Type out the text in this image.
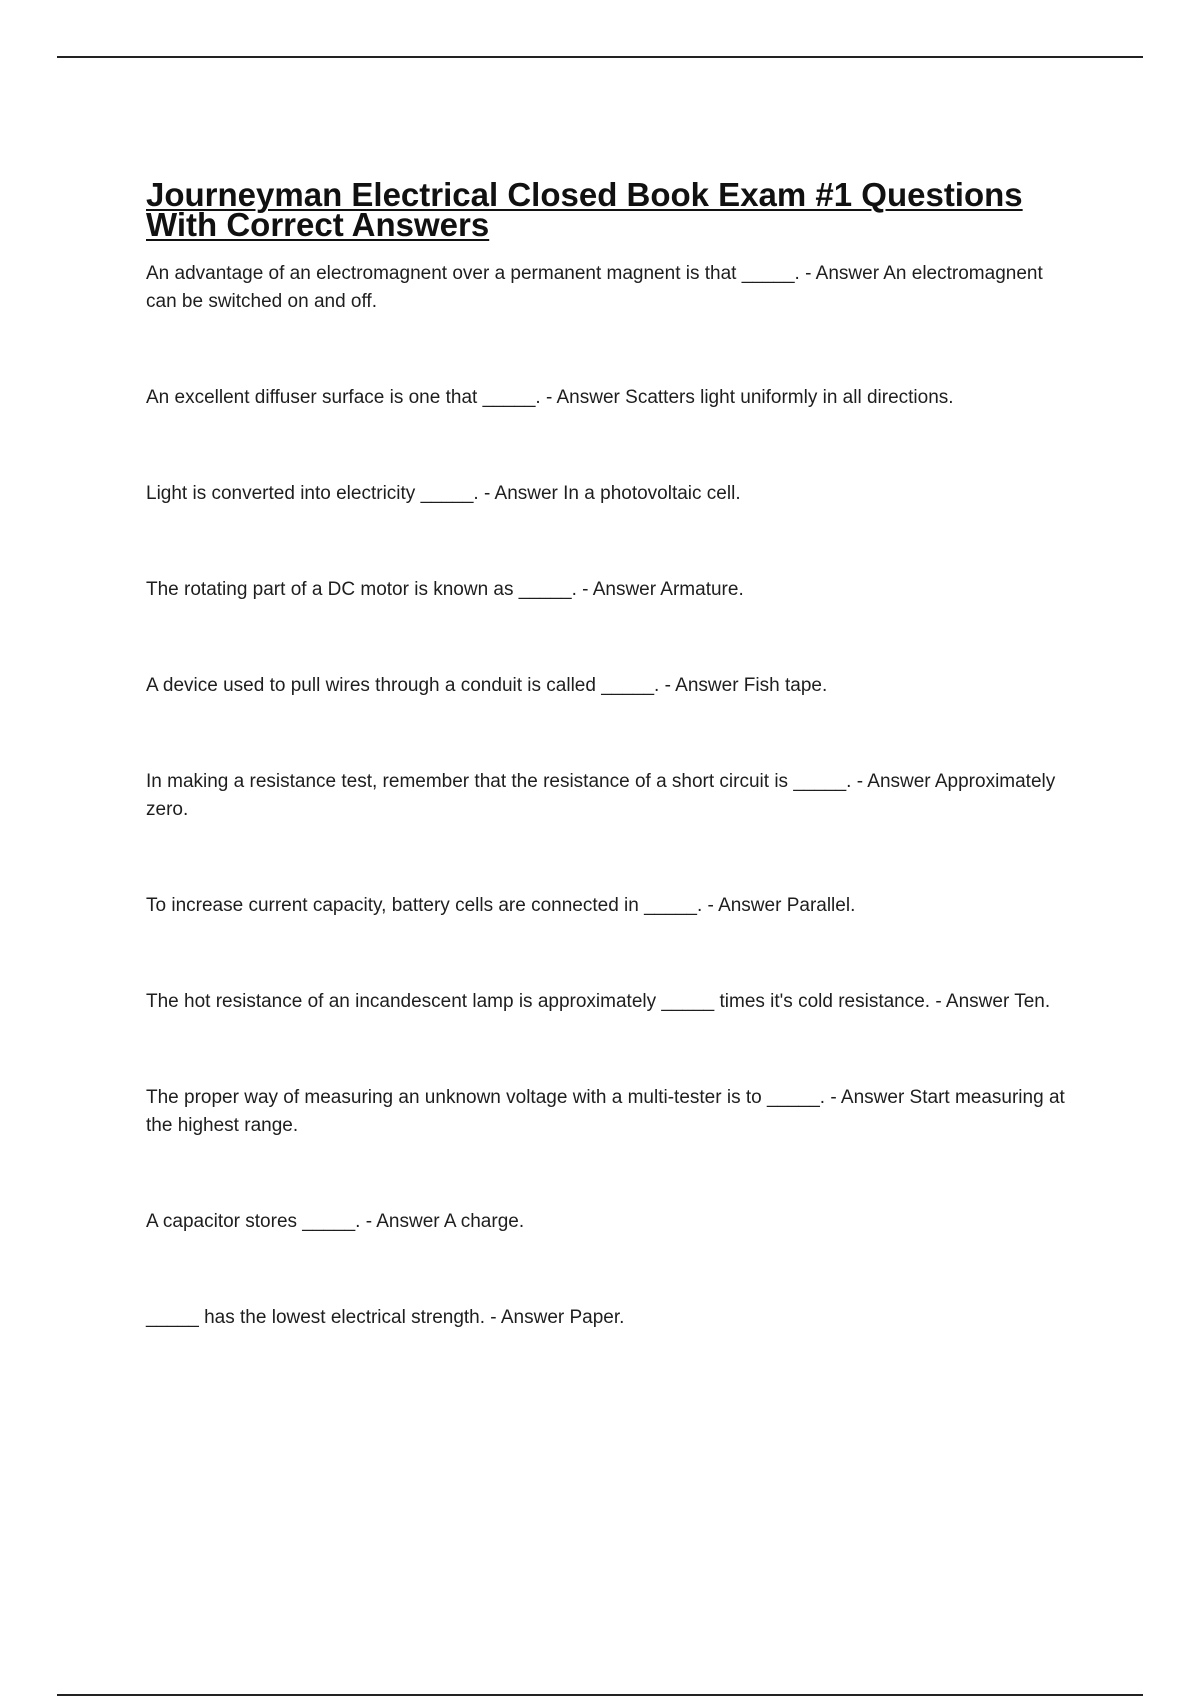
Journeyman Electrical Closed Book Exam #1 Questions With Correct Answers

An advantage of an electromagnent over a permanent magnent is that _____. - Answer An electromagnent can be switched on and off.

An excellent diffuser surface is one that _____. - Answer Scatters light uniformly in all directions.

Light is converted into electricity _____. - Answer In a photovoltaic cell.

The rotating part of a DC motor is known as _____. - Answer Armature.

A device used to pull wires through a conduit is called _____. - Answer Fish tape.

In making a resistance test, remember that the resistance of a short circuit is _____. - Answer Approximately zero.

To increase current capacity, battery cells are connected in _____. - Answer Parallel.

The hot resistance of an incandescent lamp is approximately _____ times it's cold resistance. - Answer Ten.

The proper way of measuring an unknown voltage with a multi-tester is to _____. - Answer Start measuring at the highest range.

A capacitor stores _____. - Answer A charge.

_____ has the lowest electrical strength. - Answer Paper.
